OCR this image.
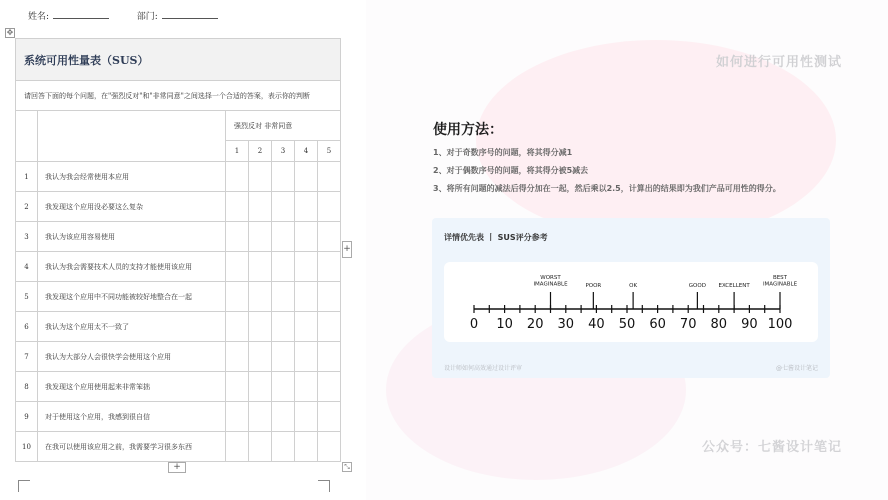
姓名:	部门:
✥
系统可用性量表（SUS）						
请回答下面的每个问题，在"强烈反对"和"非常同意"之间选择一个合适的答案，表示你的判断						
		强烈反对 非常同意				
		1	2	3	4	5
1	我认为我会经常使用本应用					
2	我发现这个应用没必要这么复杂					
3	我认为该应用容易使用					
4	我认为我会需要技术人员的支持才能使用该应用					
5	我发现这个应用中不同功能被较好地整合在一起					
6	我认为这个应用太不一致了					
7	我认为大部分人会很快学会使用这个应用					
8	我发现这个应用使用起来非常笨拙					
9	对于使用这个应用，我感到很自信					
10	在我可以使用该应用之前，我需要学习很多东西					
+
+	⤡
如何进行可用性测试
使用方法：
1、对于奇数序号的问题，将其得分减1
2、对于偶数序号的问题，将其得分被5减去
3、将所有问题的减法后得分加在一起，然后乘以2.5，计算出的结果即为我们产品可用性的得分。
详情优先表 丨 SUS评分参考
0 10 20 30 40 50 60 70 80 90 100
WORST IMAGINABLE	POOR	OK	GOOD EXCELLENT
BEST IMAGINABLE
设计师如何高效通过设计评审	@七酱设计笔记
公众号：七酱设计笔记
